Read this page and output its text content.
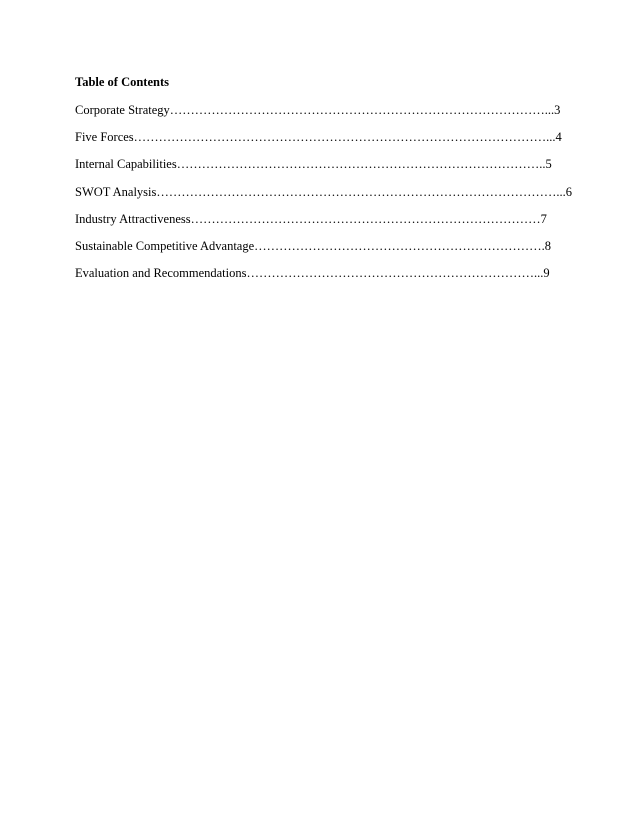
Table of Contents
Corporate Strategy………………………………………………………………………………...3
Five Forces………………………………………………………………………………………...4
Internal Capabilities……………………………………………………………………………..5
SWOT Analysis……………………………………………………………………………………...6
Industry Attractiveness…………………………………………………………………………7
Sustainable Competitive Advantage…………………………………………………………….8
Evaluation and Recommendations……………………………………………………………...9
